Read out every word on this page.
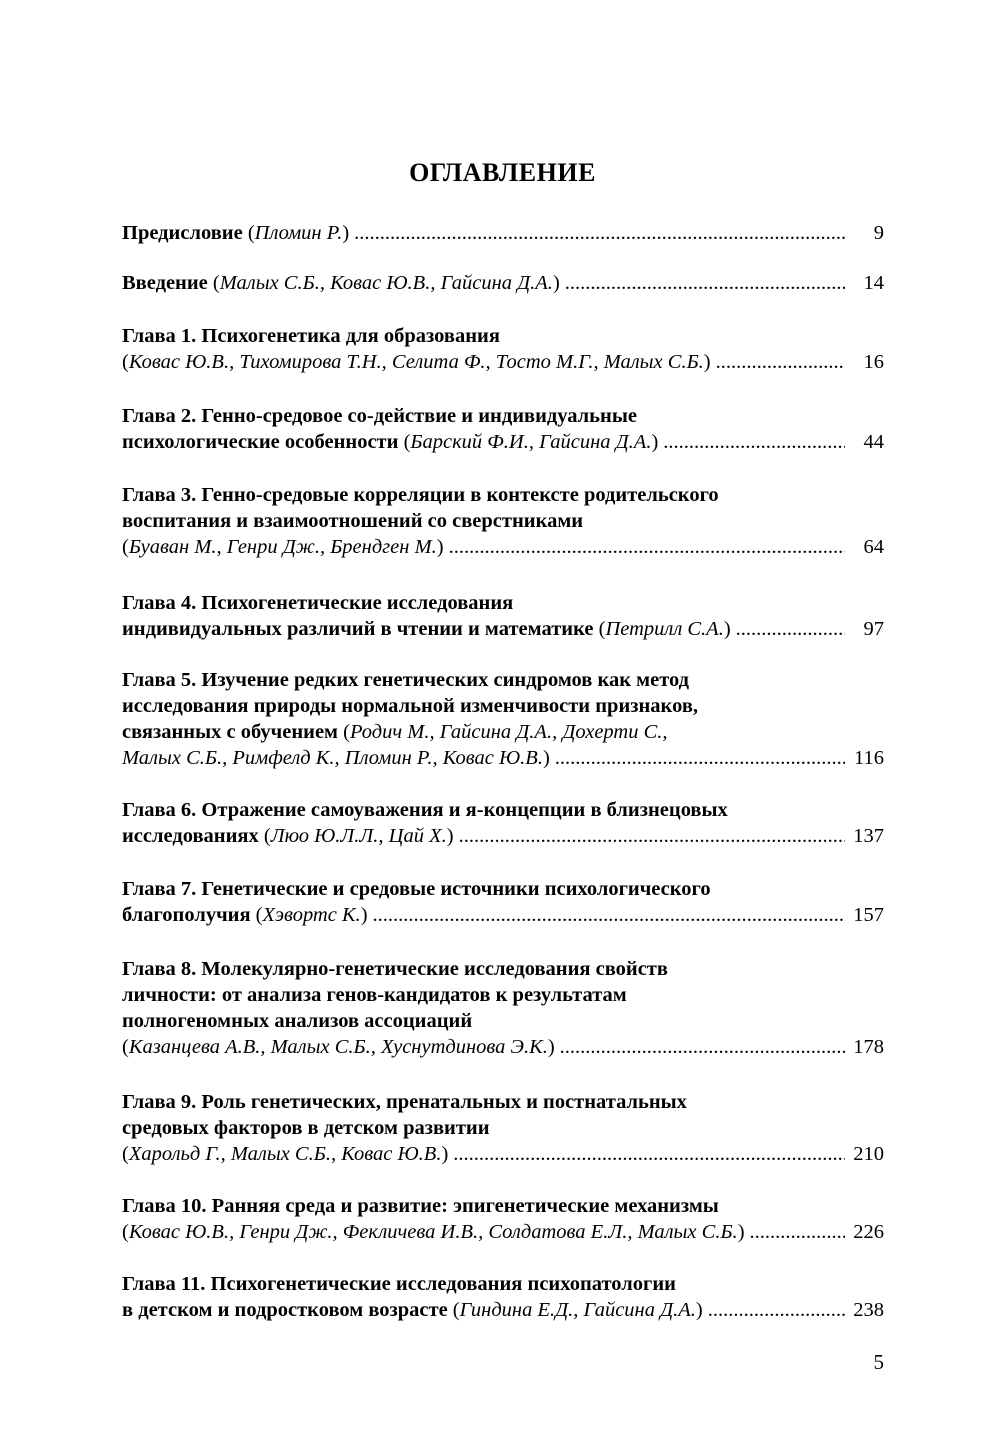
ОГЛАВЛЕНИЕ
Предисловие (Пломин Р.) .....	9
Введение (Малых С.Б., Ковас Ю.В., Гайсина Д.А.) .....	14
Глава 1. Психогенетика для образования
(Ковас Ю.В., Тихомирова Т.Н., Селита Ф., Тосто М.Г., Малых С.Б.) .....	16
Глава 2. Генно-средовое со-действие и индивидуальные
психологические особенности (Барский Ф.И., Гайсина Д.А.) .....	44
Глава 3. Генно-средовые корреляции в контексте родительского
воспитания и взаимоотношений со сверстниками
(Буаван М., Генри Дж., Брендген М.) .....	64
Глава 4. Психогенетические исследования
индивидуальных различий в чтении и математике (Петрилл С.А.) .....	97
Глава 5. Изучение редких генетических синдромов как метод
исследования природы нормальной изменчивости признаков,
связанных с обучением (Родич М., Гайсина Д.А., Дохерти С.,
Малых С.Б., Римфелд К., Пломин Р., Ковас Ю.В.) .....	116
Глава 6. Отражение самоуважения и я-концепции в близнецовых
исследованиях (Люо Ю.Л.Л., Цай Х.) .....	137
Глава 7. Генетические и средовые источники психологического
благополучия (Хэвортс К.) .....	157
Глава 8. Молекулярно-генетические исследования свойств
личности: от анализа генов-кандидатов к результатам
полногеномных анализов ассоциаций
(Казанцева А.В., Малых С.Б., Хуснутдинова Э.К.) .....	178
Глава 9. Роль генетических, пренатальных и постнатальных
средовых факторов в детском развитии
(Харольд Г., Малых С.Б., Ковас Ю.В.) .....	210
Глава 10. Ранняя среда и развитие: эпигенетические механизмы
(Ковас Ю.В., Генри Дж., Фекличева И.В., Солдатова Е.Л., Малых С.Б.) .....	226
Глава 11. Психогенетические исследования психопатологии
в детском и подростковом возрасте (Гиндина Е.Д., Гайсина Д.А.) .....	238
5
